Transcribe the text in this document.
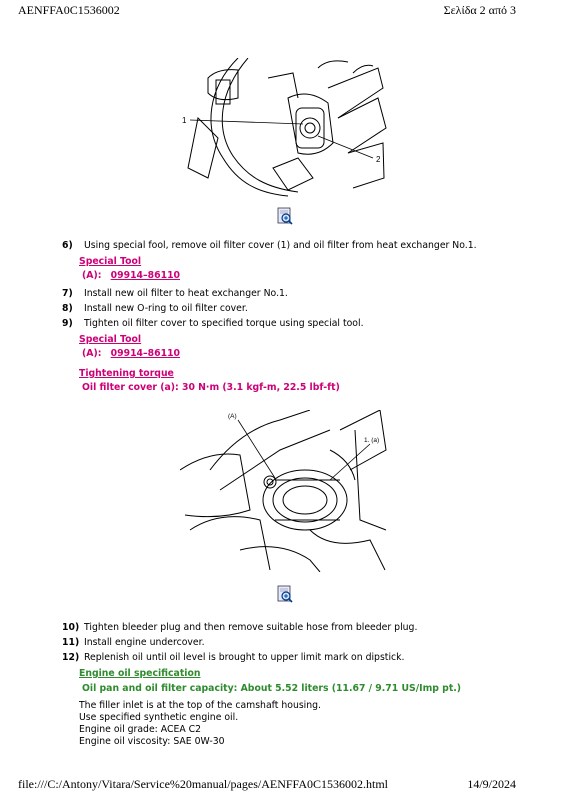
AENFFA0C1536002	Σελίδα 2 από 3
1
2
6) Using special fool, remove oil filter cover (1) and oil filter from heat exchanger No.1.
Special Tool
(A): 09914–86110
7) Install new oil filter to heat exchanger No.1.
8) Install new O-ring to oil filter cover.
9) Tighten oil filter cover to specified torque using special tool.
Special Tool
(A): 09914–86110
Tightening torque
Oil filter cover (a): 30 N·m (3.1 kgf-m, 22.5 lbf-ft)
(A)
1. (a)
10) Tighten bleeder plug and then remove suitable hose from bleeder plug.
11) Install engine undercover.
12) Replenish oil until oil level is brought to upper limit mark on dipstick.
Engine oil specification
Oil pan and oil filter capacity: About 5.52 liters (11.67 / 9.71 US/Imp pt.)
The filler inlet is at the top of the camshaft housing.
Use specified synthetic engine oil.
Engine oil grade: ACEA C2
Engine oil viscosity: SAE 0W-30
file:///C:/Antony/Vitara/Service%20manual/pages/AENFFA0C1536002.html	14/9/2024
